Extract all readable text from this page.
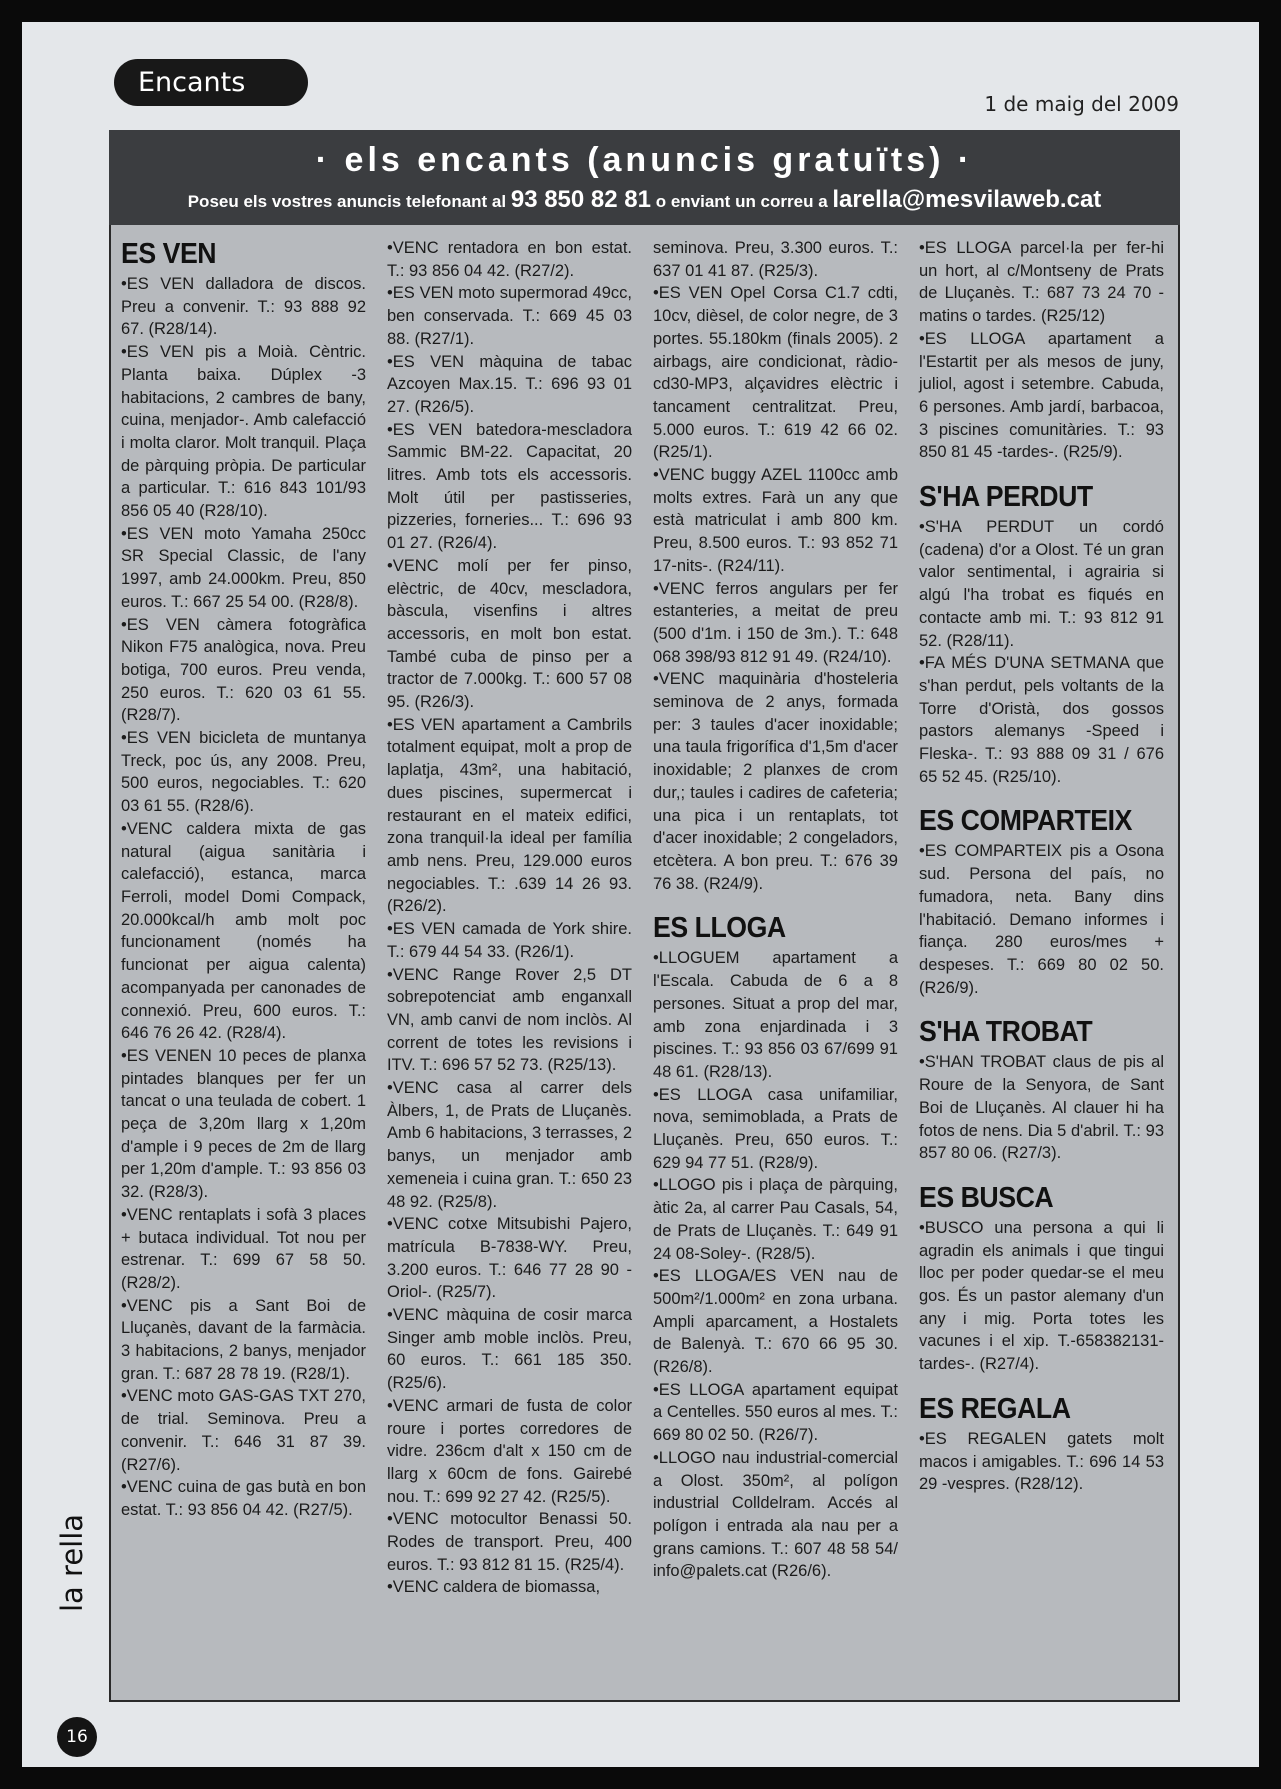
Encants
1 de maig del 2009
· els encants (anuncis gratuïts) ·
Poseu els vostres anuncis telefonant al 93 850 82 81 o enviant un correu a larella@mesvilaweb.cat
ES VEN

•ES VEN dalladora de discos. Preu a convenir. T.: 93 888 92 67. (R28/14).

•ES VEN pis a Moià. Cèntric. Planta baixa. Dúplex -3 habitacions, 2 cambres de bany, cuina, menjador-. Amb calefacció i molta claror. Molt tranquil. Plaça de pàrquing pròpia. De particular a particular. T.: 616 843 101/93 856 05 40 (R28/10).

•ES VEN moto Yamaha 250cc SR Special Classic, de l'any 1997, amb 24.000km. Preu, 850 euros. T.: 667 25 54 00. (R28/8).

•ES VEN càmera fotogràfica Nikon F75 analògica, nova. Preu botiga, 700 euros. Preu venda, 250 euros. T.: 620 03 61 55. (R28/7).

•ES VEN bicicleta de muntanya Treck, poc ús, any 2008. Preu, 500 euros, negociables. T.: 620 03 61 55. (R28/6).

•VENC caldera mixta de gas natural (aigua sanitària i calefacció), estanca, marca Ferroli, model Domi Compack, 20.000kcal/h amb molt poc funcionament (només ha funcionat per aigua calenta) acompanyada per canonades de connexió. Preu, 600 euros. T.: 646 76 26 42. (R28/4).

•ES VENEN 10 peces de planxa pintades blanques per fer un tancat o una teulada de cobert. 1 peça de 3,20m llarg x 1,20m d'ample i 9 peces de 2m de llarg per 1,20m d'ample. T.: 93 856 03 32. (R28/3).

•VENC rentaplats i sofà 3 places + butaca individual. Tot nou per estrenar. T.: 699 67 58 50. (R28/2).

•VENC pis a Sant Boi de Lluçanès, davant de la farmàcia. 3 habitacions, 2 banys, menjador gran. T.: 687 28 78 19. (R28/1).

•VENC moto GAS-GAS TXT 270, de trial. Seminova. Preu a convenir. T.: 646 31 87 39. (R27/6).

•VENC cuina de gas butà en bon estat. T.: 93 856 04 42. (R27/5).

•VENC rentadora en bon estat. T.: 93 856 04 42. (R27/2).

•ES VEN moto supermorad 49cc, ben conservada. T.: 669 45 03 88. (R27/1).

•ES VEN màquina de tabac Azcoyen Max.15. T.: 696 93 01 27. (R26/5).

•ES VEN batedora-mescladora Sammic BM-22. Capacitat, 20 litres. Amb tots els accessoris. Molt útil per pastisseries, pizzeries, forneries... T.: 696 93 01 27. (R26/4).

•VENC molí per fer pinso, elèctric, de 40cv, mescladora, bàscula, visenfins i altres accessoris, en molt bon estat. També cuba de pinso per a tractor de 7.000kg. T.: 600 57 08 95. (R26/3).

•ES VEN apartament a Cambrils totalment equipat, molt a prop de laplatja, 43m², una habitació, dues piscines, supermercat i restaurant en el mateix edifici, zona tranquil·la ideal per família amb nens. Preu, 129.000 euros negociables. T.: .639 14 26 93. (R26/2).

•ES VEN camada de York shire. T.: 679 44 54 33. (R26/1).

•VENC Range Rover 2,5 DT sobrepotenciat amb enganxall VN, amb canvi de nom inclòs. Al corrent de totes les revisions i ITV. T.: 696 57 52 73. (R25/13).

•VENC casa al carrer dels Àlbers, 1, de Prats de Lluçanès. Amb 6 habitacions, 3 terrasses, 2 banys, un menjador amb xemeneia i cuina gran. T.: 650 23 48 92. (R25/8).

•VENC cotxe Mitsubishi Pajero, matrícula B-7838-WY. Preu, 3.200 euros. T.: 646 77 28 90 -Oriol-. (R25/7).

•VENC màquina de cosir marca Singer amb moble inclòs. Preu, 60 euros. T.: 661 185 350. (R25/6).

•VENC armari de fusta de color roure i portes corredores de vidre. 236cm d'alt x 150 cm de llarg x 60cm de fons. Gairebé nou. T.: 699 92 27 42. (R25/5).

•VENC motocultor Benassi 50. Rodes de transport. Preu, 400 euros. T.: 93 812 81 15. (R25/4).

•VENC caldera de biomassa,

seminova. Preu, 3.300 euros. T.: 637 01 41 87. (R25/3).

•ES VEN Opel Corsa C1.7 cdti, 10cv, dièsel, de color negre, de 3 portes. 55.180km (finals 2005). 2 airbags, aire condicionat, ràdio-cd30-MP3, alçavidres elèctric i tancament centralitzat. Preu, 5.000 euros. T.: 619 42 66 02. (R25/1).

•VENC buggy AZEL 1100cc amb molts extres. Farà un any que està matriculat i amb 800 km. Preu, 8.500 euros. T.: 93 852 71 17-nits-. (R24/11).

•VENC ferros angulars per fer estanteries, a meitat de preu (500 d'1m. i 150 de 3m.). T.: 648 068 398/93 812 91 49. (R24/10).

•VENC maquinària d'hosteleria seminova de 2 anys, formada per: 3 taules d'acer inoxidable; una taula frigorífica d'1,5m d'acer inoxidable; 2 planxes de crom dur,; taules i cadires de cafeteria; una pica i un rentaplats, tot d'acer inoxidable; 2 congeladors, etcètera. A bon preu. T.: 676 39 76 38. (R24/9).

ES LLOGA

•LLOGUEM apartament a l'Escala. Cabuda de 6 a 8 persones. Situat a prop del mar, amb zona enjardinada i 3 piscines. T.: 93 856 03 67/699 91 48 61. (R28/13).

•ES LLOGA casa unifamiliar, nova, semimoblada, a Prats de Lluçanès. Preu, 650 euros. T.: 629 94 77 51. (R28/9).

•LLOGO pis i plaça de pàrquing, àtic 2a, al carrer Pau Casals, 54, de Prats de Lluçanès. T.: 649 91 24 08-Soley-. (R28/5).

•ES LLOGA/ES VEN nau de 500m²/1.000m² en zona urbana. Ampli aparcament, a Hostalets de Balenyà. T.: 670 66 95 30. (R26/8).

•ES LLOGA apartament equipat a Centelles. 550 euros al mes. T.: 669 80 02 50. (R26/7).

•LLOGO nau industrial-comercial a Olost. 350m², al polígon industrial Colldelram. Accés al polígon i entrada ala nau per a grans camions. T.: 607 48 58 54/ info@palets.cat (R26/6).

•ES LLOGA parcel·la per fer-hi un hort, al c/Montseny de Prats de Lluçanès. T.: 687 73 24 70 -matins o tardes. (R25/12)

•ES LLOGA apartament a l'Estartit per als mesos de juny, juliol, agost i setembre. Cabuda, 6 persones. Amb jardí, barbacoa, 3 piscines comunitàries. T.: 93 850 81 45 -tardes-. (R25/9).

S'HA PERDUT

•S'HA PERDUT un cordó (cadena) d'or a Olost. Té un gran valor sentimental, i agrairia si algú l'ha trobat es fiqués en contacte amb mi. T.: 93 812 91 52. (R28/11).

•FA MÉS D'UNA SETMANA que s'han perdut, pels voltants de la Torre d'Oristà, dos gossos pastors alemanys -Speed i Fleska-. T.: 93 888 09 31 / 676 65 52 45. (R25/10).

ES COMPARTEIX

•ES COMPARTEIX pis a Osona sud. Persona del país, no fumadora, neta. Bany dins l'habitació. Demano informes i fiança. 280 euros/mes + despeses. T.: 669 80 02 50. (R26/9).

S'HA TROBAT

•S'HAN TROBAT claus de pis al Roure de la Senyora, de Sant Boi de Lluçanès. Al clauer hi ha fotos de nens. Dia 5 d'abril. T.: 93 857 80 06. (R27/3).

ES BUSCA

•BUSCO una persona a qui li agradin els animals i que tingui lloc per poder quedar-se el meu gos. És un pastor alemany d'un any i mig. Porta totes les vacunes i el xip. T.-658382131-tardes-. (R27/4).

ES REGALA

•ES REGALEN gatets molt macos i amigables. T.: 696 14 53 29 -vespres. (R28/12).

la rella
16
